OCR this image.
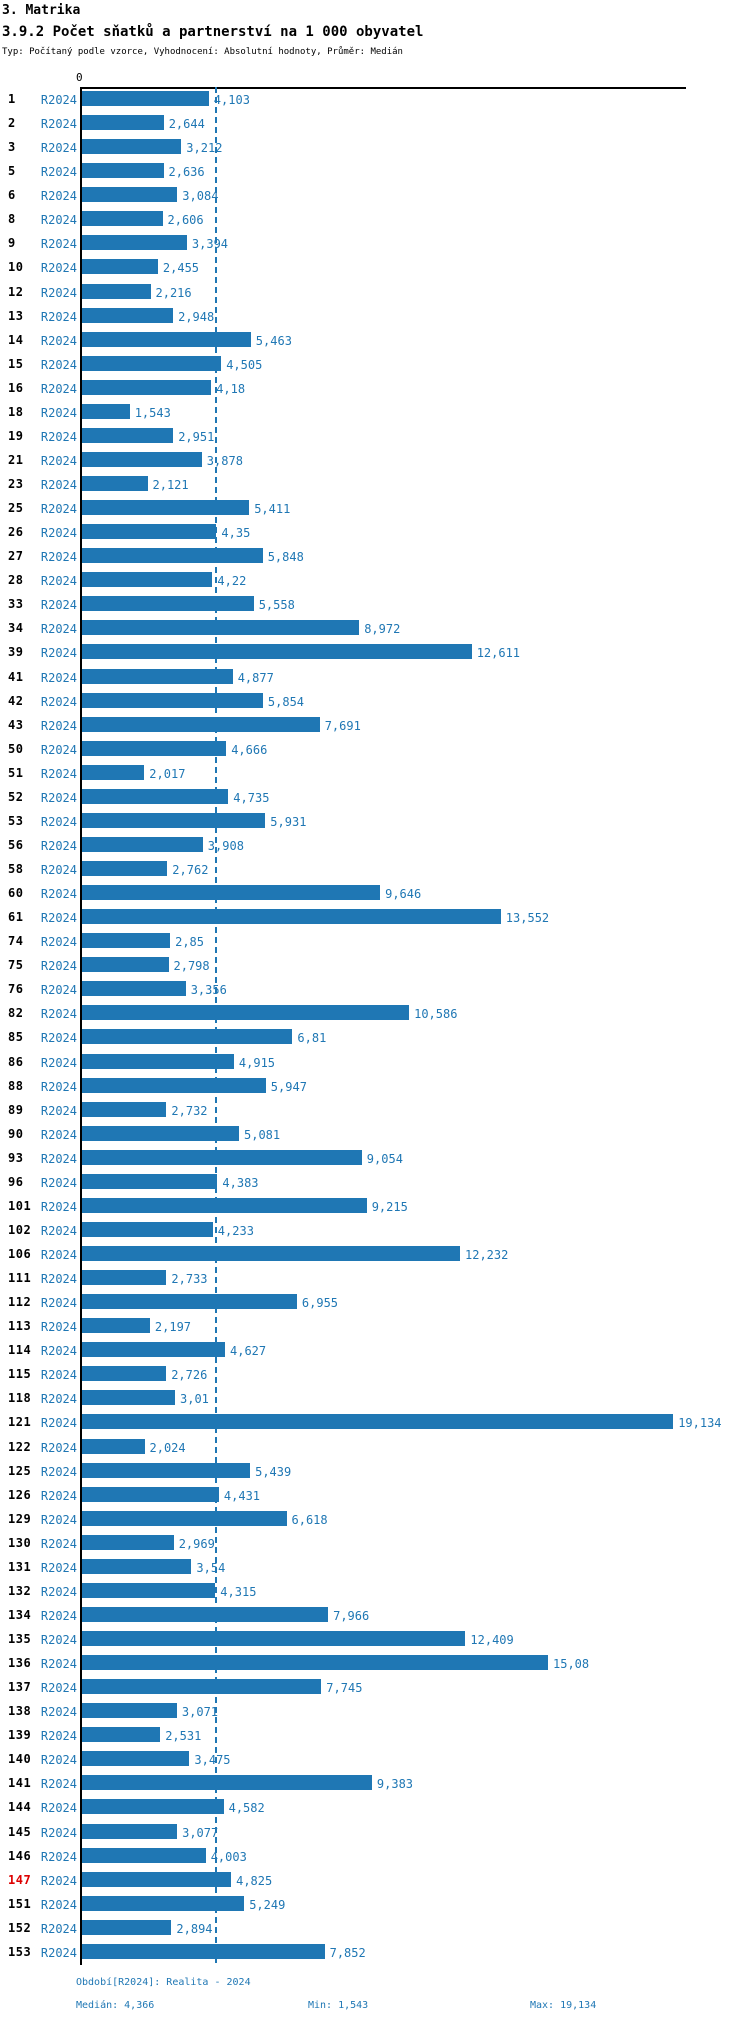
3. Matrika
3.9.2 Počet sňatků a partnerství na 1 000 obyvatel
Typ: Počítaný podle vzorce, Vyhodnocení: Absolutní hodnoty, Průměr: Medián
0
1	R2024	4,103
2	R2024	2,644
3	R2024	3,212
5	R2024	2,636
6	R2024	3,084
8	R2024	2,606
9	R2024	3,394
10	R2024	2,455
12	R2024	2,216
13	R2024	2,948
14	R2024	5,463
15	R2024	4,505
16	R2024	4,18
18	R2024	1,543
19	R2024	2,951
21	R2024	3,878
23	R2024	2,121
25	R2024	5,411
26	R2024	4,35
27	R2024	5,848
28	R2024	4,22
33	R2024	5,558
34	R2024	8,972
39	R2024	12,611
41	R2024	4,877
42	R2024	5,854
43	R2024	7,691
50	R2024	4,666
51	R2024	2,017
52	R2024	4,735
53	R2024	5,931
56	R2024	3,908
58	R2024	2,762
60	R2024	9,646
61	R2024	13,552
74	R2024	2,85
75	R2024	2,798
76	R2024	3,356
82	R2024	10,586
85	R2024	6,81
86	R2024	4,915
88	R2024	5,947
89	R2024	2,732
90	R2024	5,081
93	R2024	9,054
96	R2024	4,383
101 R2024	9,215
102 R2024	4,233
106 R2024	12,232
111 R2024	2,733
112 R2024	6,955
113 R2024	2,197
114 R2024	4,627
115 R2024	2,726
118 R2024	3,01
121 R2024	19,134
122 R2024	2,024
125 R2024	5,439
126 R2024	4,431
129 R2024	6,618
130 R2024	2,969
131 R2024	3,54
132 R2024	4,315
134 R2024	7,966
135 R2024	12,409
136 R2024	15,08
137 R2024	7,745
138 R2024	3,071
139 R2024	2,531
140 R2024	3,475
141 R2024	9,383
144 R2024	4,582
145 R2024	3,077
146 R2024	4,003
147 R2024	4,825
151 R2024	5,249
152 R2024	2,894
153 R2024	7,852
Období[R2024]: Realita - 2024
Medián: 4,366	Min: 1,543	Max: 19,134
